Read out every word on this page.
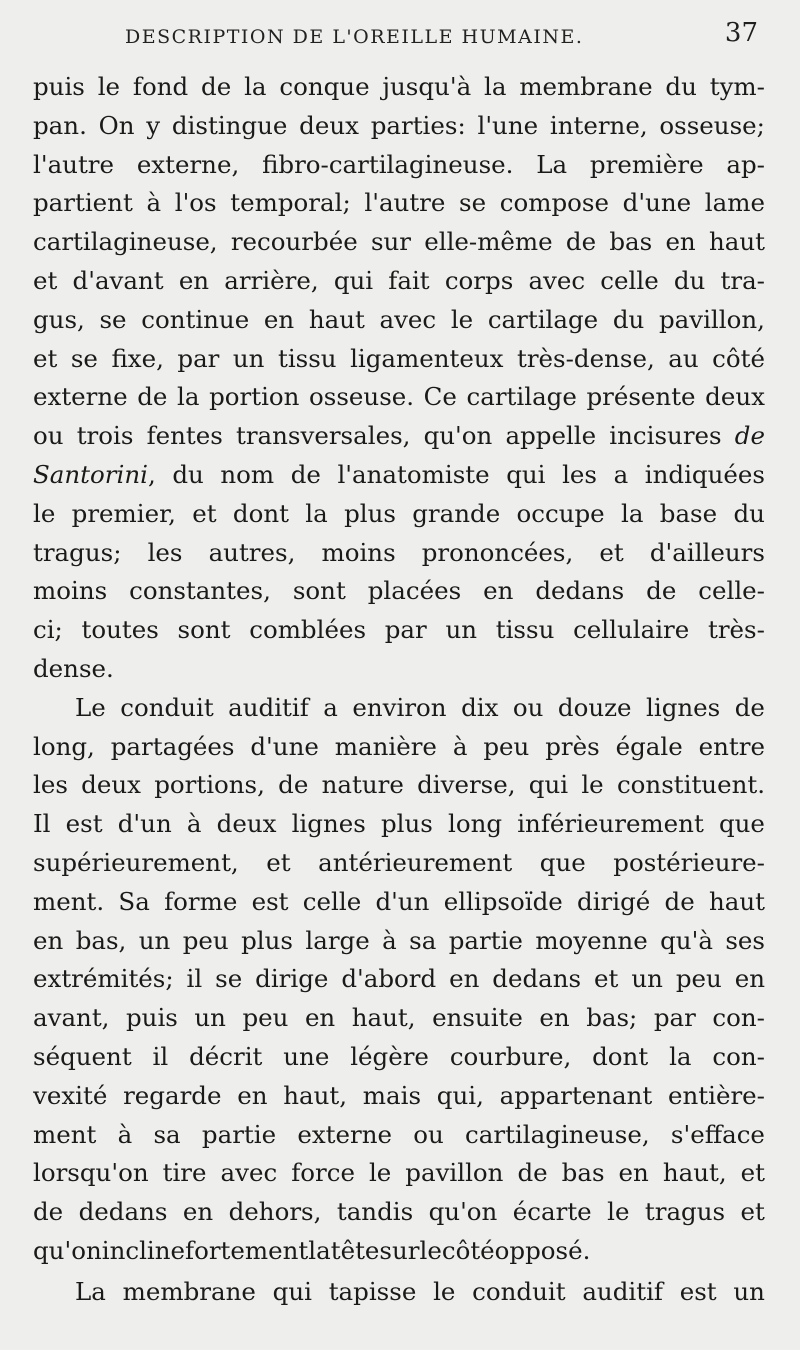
DESCRIPTION DE L'OREILLE HUMAINE.	37
puis le fond de la conque jusqu'à la membrane du tym-
pan. On y distingue deux parties: l'une interne, osseuse;
l'autre externe, fibro-cartilagineuse. La première ap-
partient à l'os temporal; l'autre se compose d'une lame
cartilagineuse, recourbée sur elle-même de bas en haut
et d'avant en arrière, qui fait corps avec celle du tra-
gus, se continue en haut avec le cartilage du pavillon,
et se fixe, par un tissu ligamenteux très-dense, au côté
externe de la portion osseuse. Ce cartilage présente deux
ou trois fentes transversales, qu'on appelle incisures de
Santorini, du nom de l'anatomiste qui les a indiquées
le premier, et dont la plus grande occupe la base du
tragus; les autres, moins prononcées, et d'ailleurs
moins constantes, sont placées en dedans de celle-
ci; toutes sont comblées par un tissu cellulaire très-
dense.
Le conduit auditif a environ dix ou douze lignes de
long, partagées d'une manière à peu près égale entre
les deux portions, de nature diverse, qui le constituent.
Il est d'un à deux lignes plus long inférieurement que
supérieurement, et antérieurement que postérieure-
ment. Sa forme est celle d'un ellipsoïde dirigé de haut
en bas, un peu plus large à sa partie moyenne qu'à ses
extrémités; il se dirige d'abord en dedans et un peu en
avant, puis un peu en haut, ensuite en bas; par con-
séquent il décrit une légère courbure, dont la con-
vexité regarde en haut, mais qui, appartenant entière-
ment à sa partie externe ou cartilagineuse, s'efface
lorsqu'on tire avec force le pavillon de bas en haut, et
de dedans en dehors, tandis qu'on écarte le tragus et
qu'on incline fortement la tête sur le côté opposé.
La membrane qui tapisse le conduit auditif est un
